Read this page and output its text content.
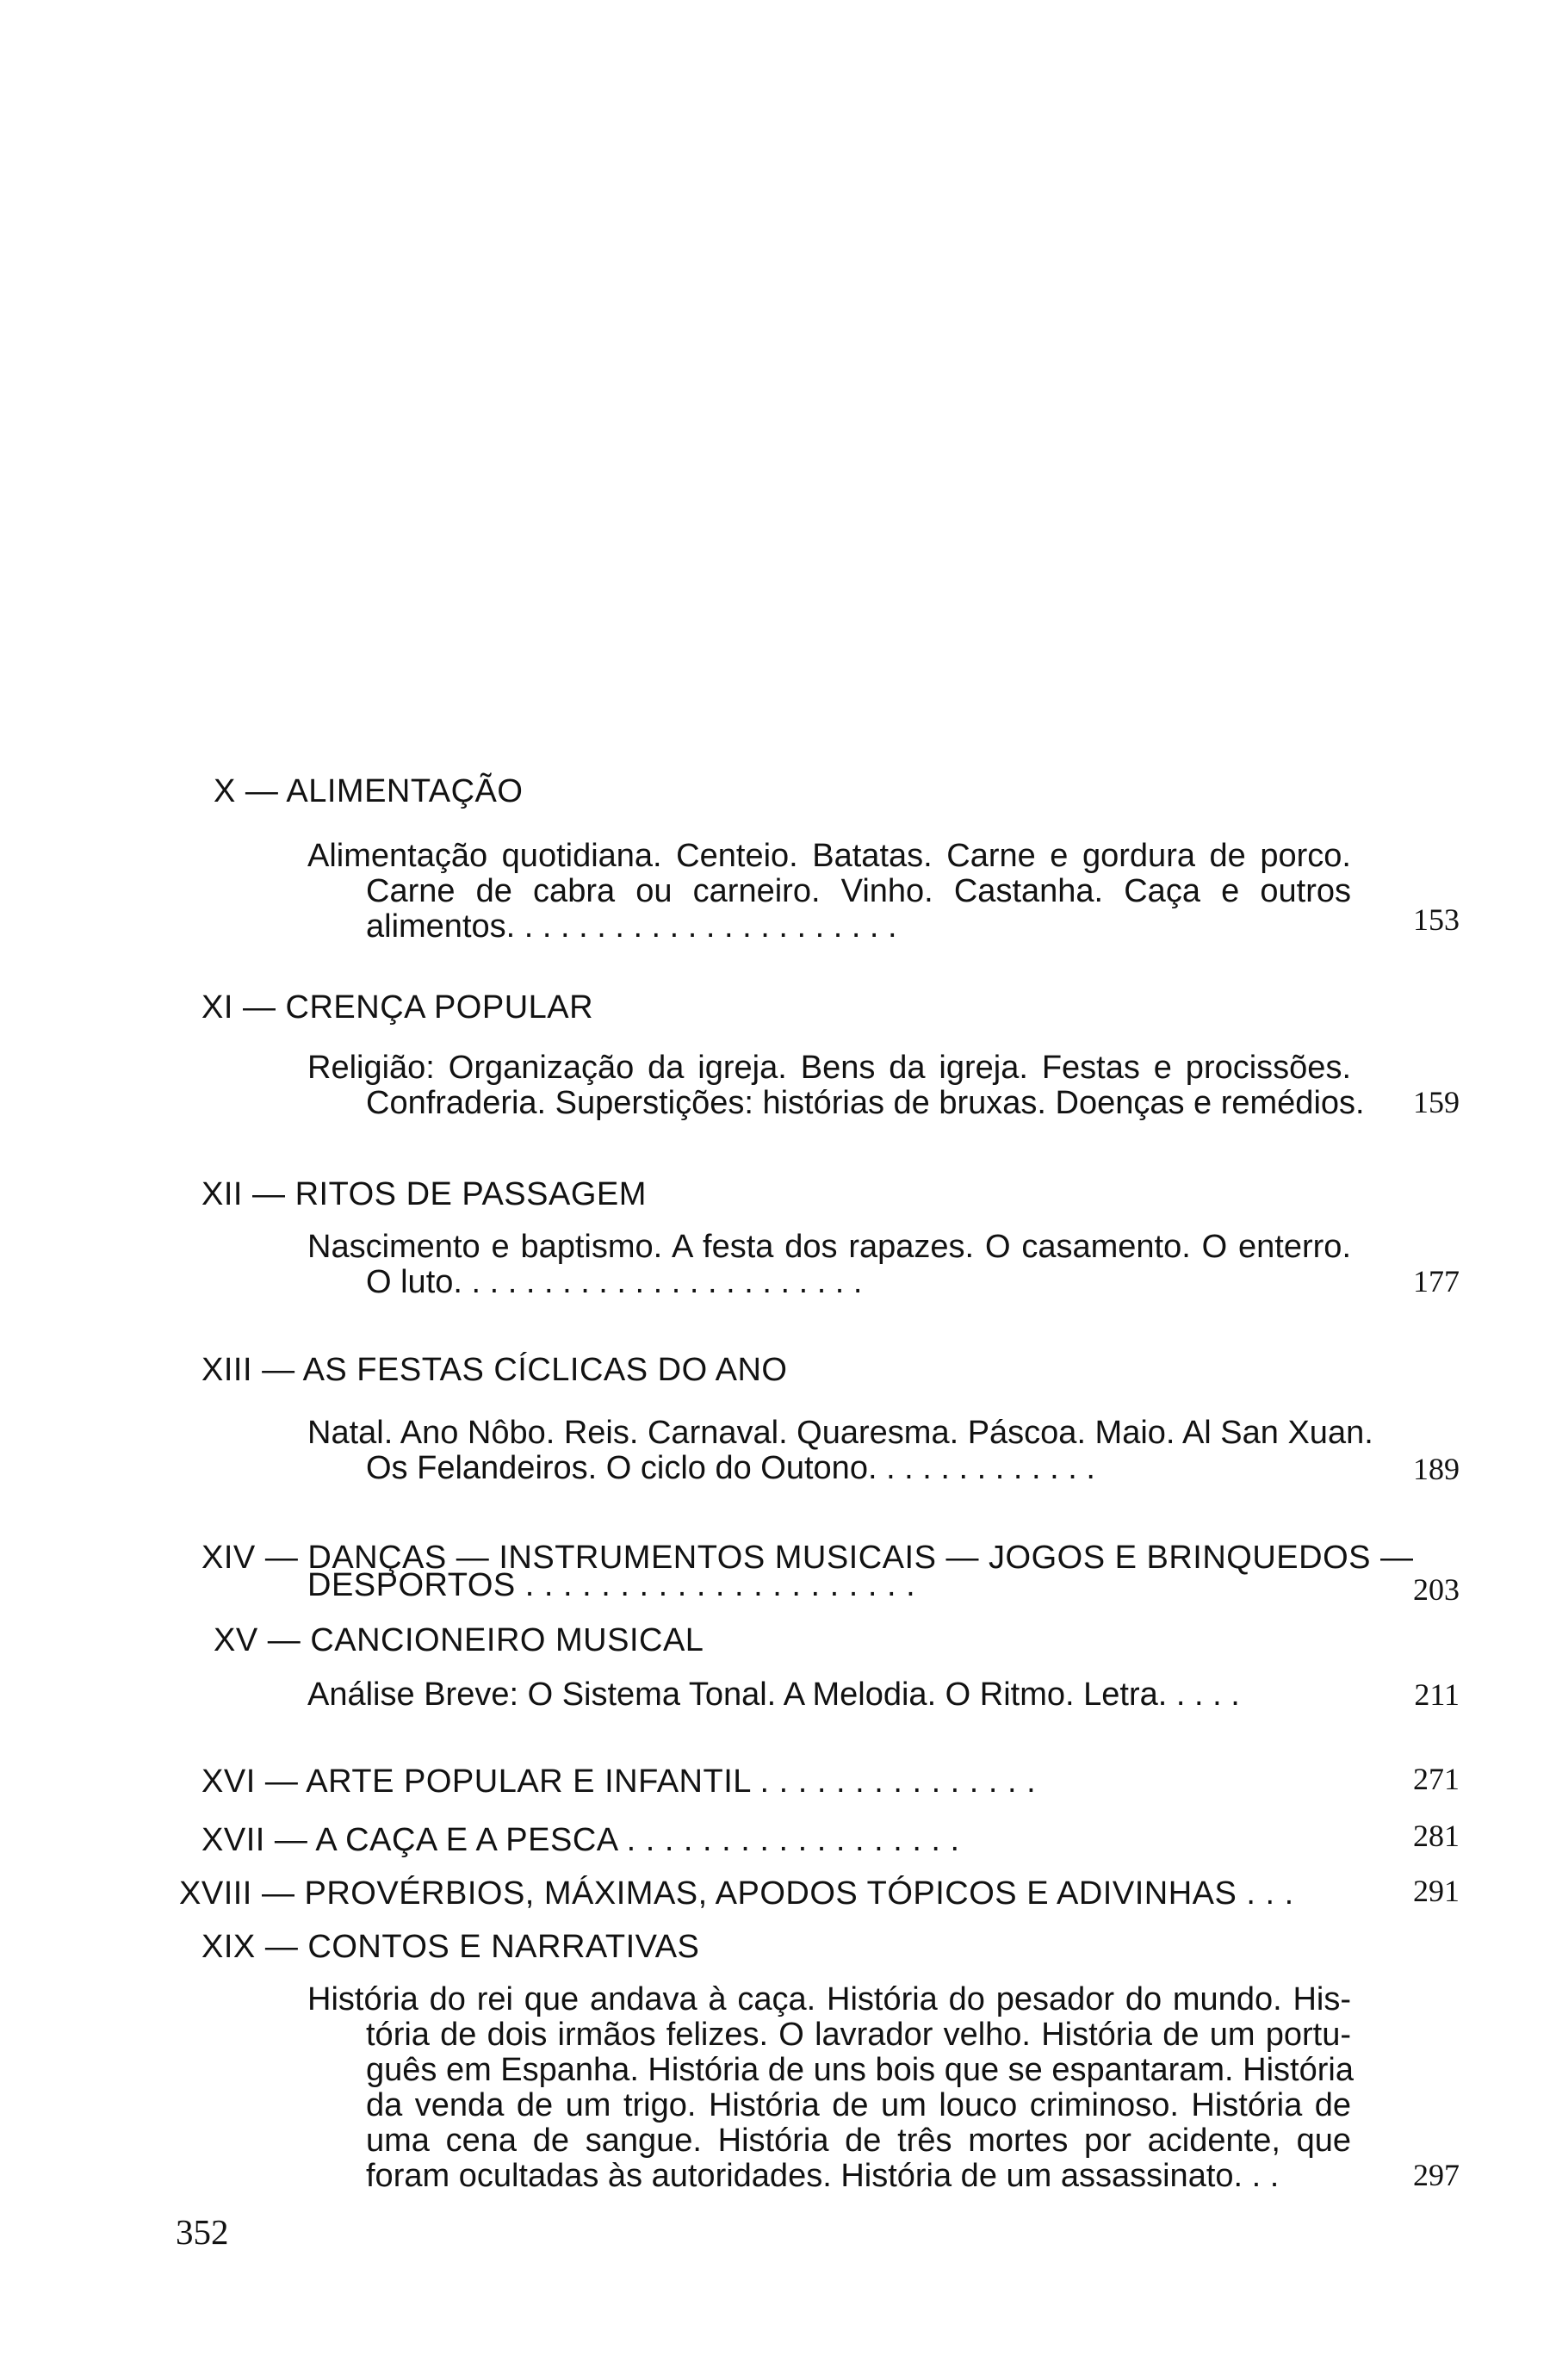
X — ALIMENTAÇÃO
Alimentação quotidiana. Centeio. Batatas. Carne e gordura de porco.
Carne de cabra ou carneiro. Vinho. Castanha. Caça e outros
alimentos. . . . . . . . . . . . . . . . . . . . . .	153
XI — CRENÇA POPULAR
Religião: Organização da igreja. Bens da igreja. Festas e procissões.
Confraderia. Superstições: histórias de bruxas. Doenças e remédios.	159
XII — RITOS DE PASSAGEM
Nascimento e baptismo. A festa dos rapazes. O casamento. O enterro.
O luto. . . . . . . . . . . . . . . . . . . . . . .	177
XIII — AS FESTAS CÍCLICAS DO ANO
Natal. Ano Nôbo. Reis. Carnaval. Quaresma. Páscoa. Maio. Al San Xuan.
Os Felandeiros. O ciclo do Outono. . . . . . . . . . . . .	189
XIV — DANÇAS — INSTRUMENTOS MUSICAIS — JOGOS E BRINQUEDOS —
DESPORTOS . . . . . . . . . . . . . . . . . . . . .	203
XV — CANCIONEIRO MUSICAL
Análise Breve: O Sistema Tonal. A Melodia. O Ritmo. Letra. . . . .	211
XVI — ARTE POPULAR E INFANTIL . . . . . . . . . . . . . . .	271
XVII — A CAÇA E A PESCA . . . . . . . . . . . . . . . . . .	281
XVIII — PROVÉRBIOS, MÁXIMAS, APODOS TÓPICOS E ADIVINHAS . . .	291
XIX — CONTOS E NARRATIVAS
História do rei que andava à caça. História do pesador do mundo. His-
tória de dois irmãos felizes. O lavrador velho. História de um portu-
guês em Espanha. História de uns bois que se espantaram. História
da venda de um trigo. História de um louco criminoso. História de
uma cena de sangue. História de três mortes por acidente, que
foram ocultadas às autoridades. História de um assassinato. . .	297
352
